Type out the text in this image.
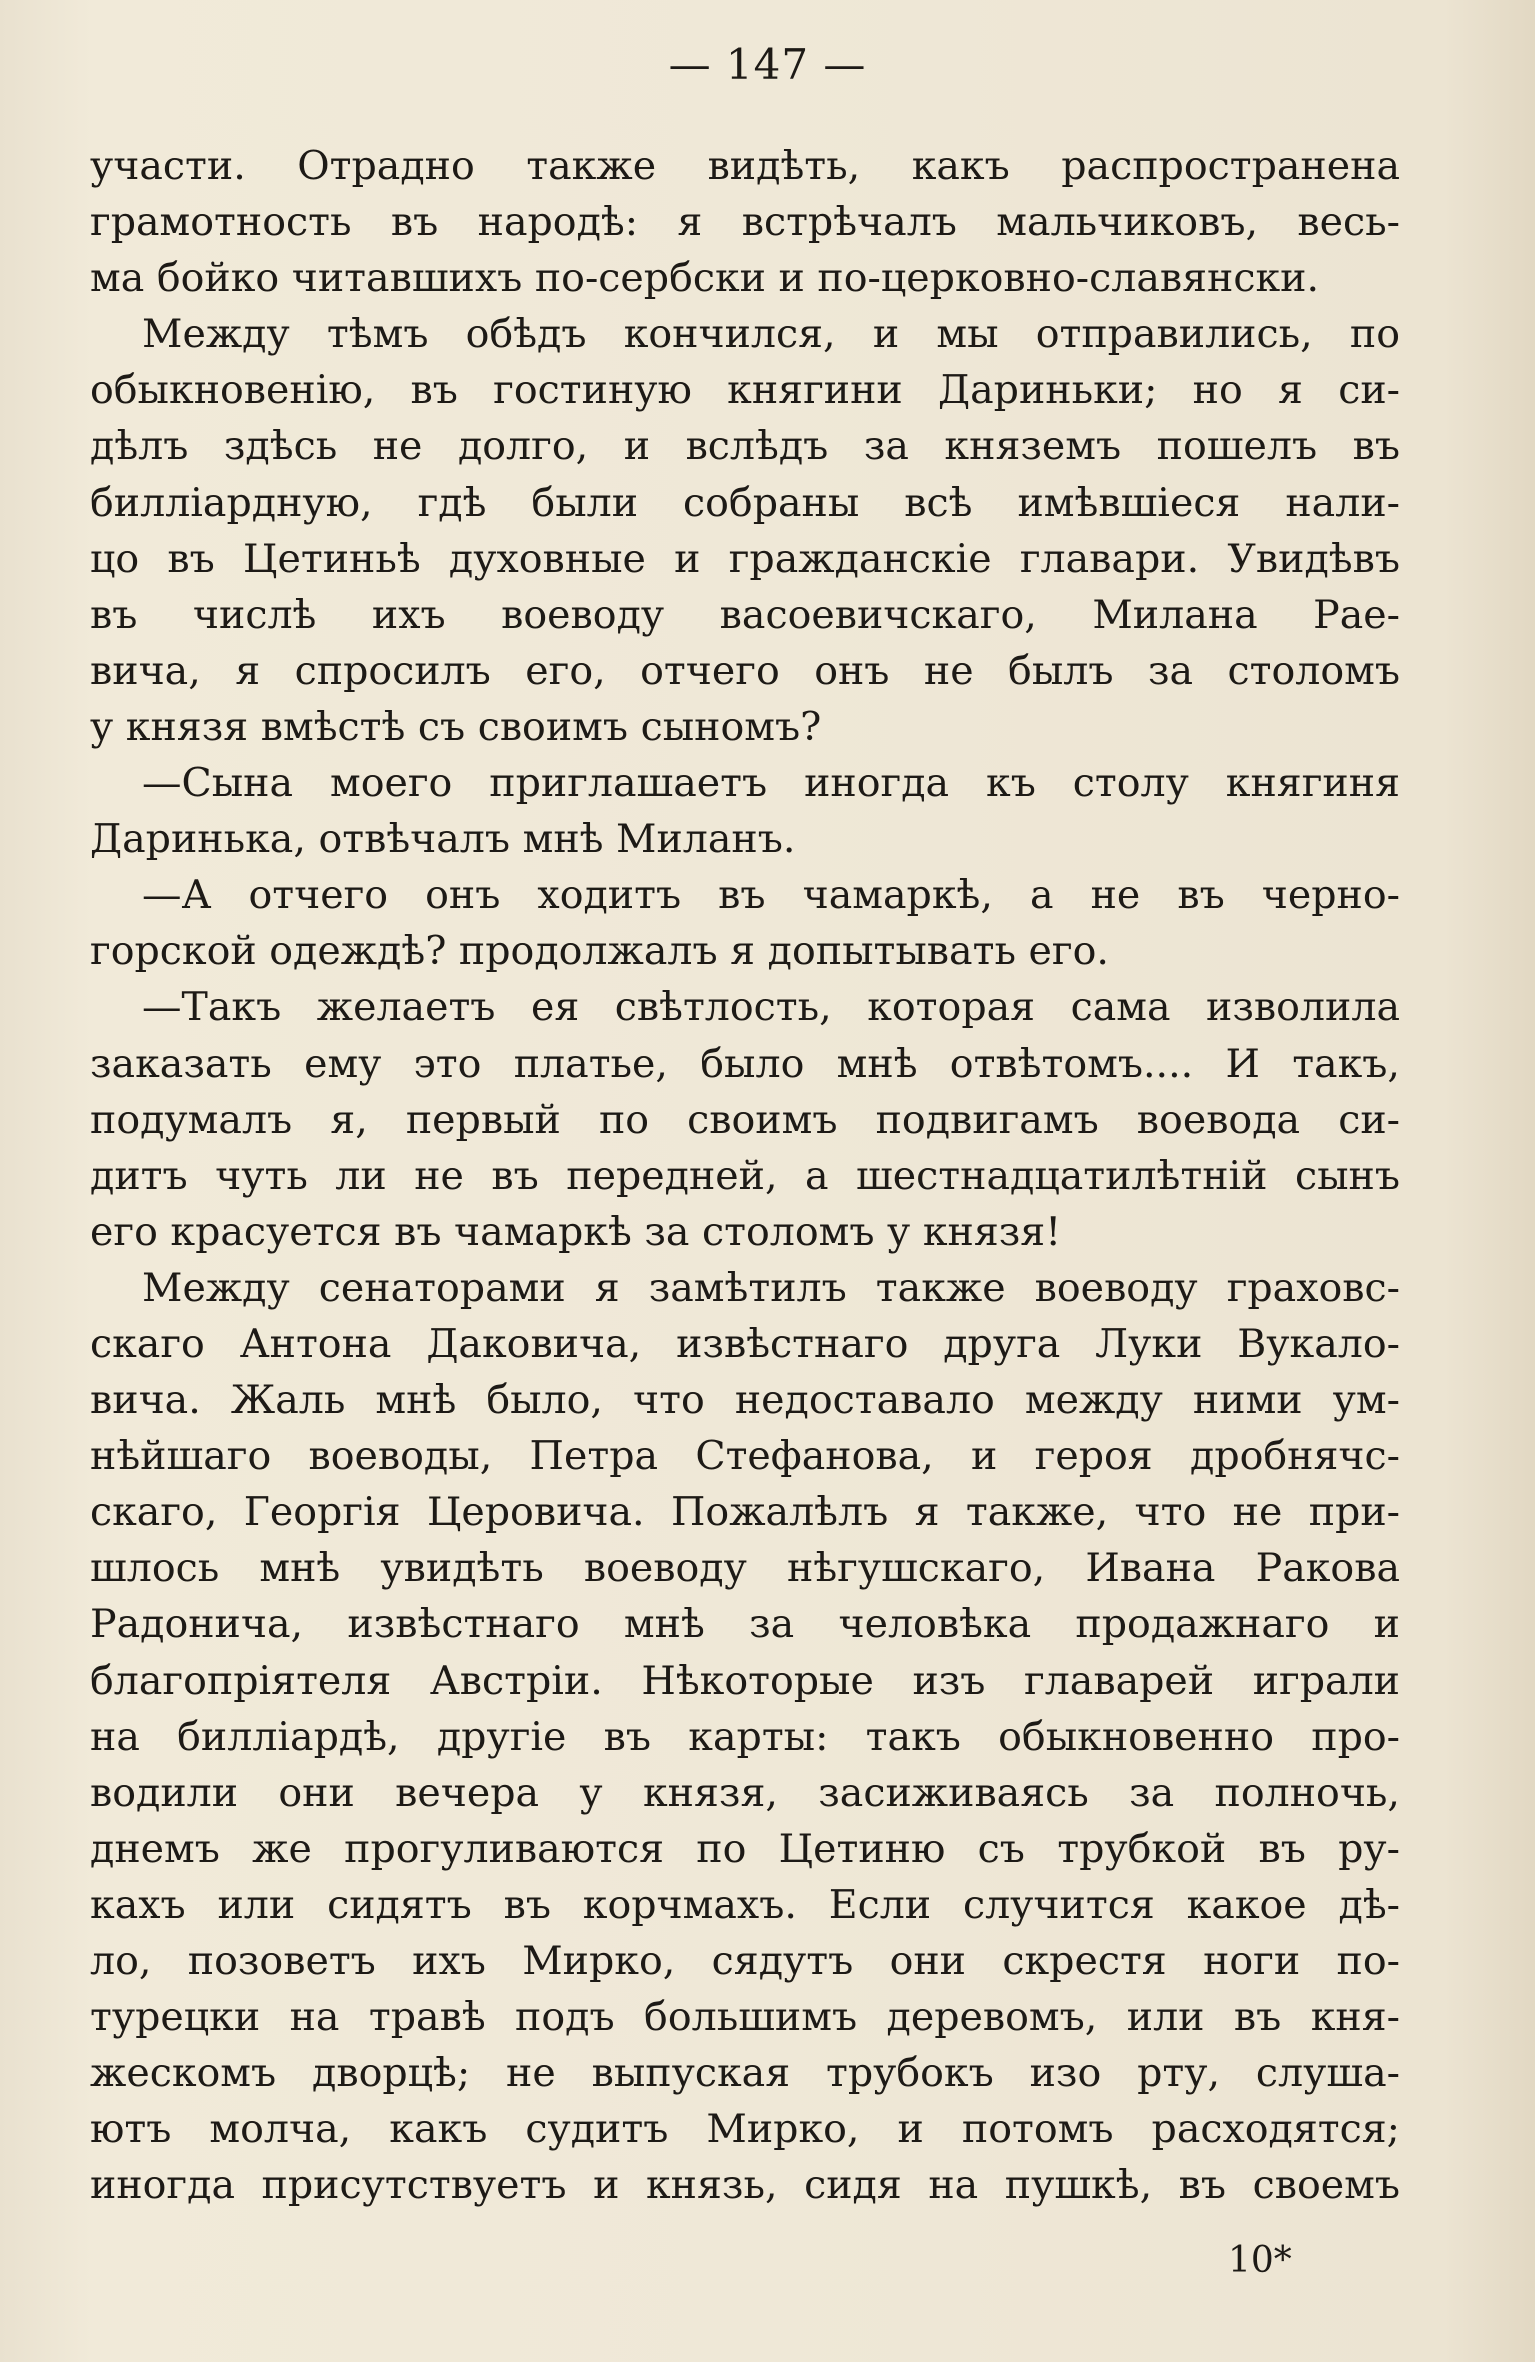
— 147 —
участи. Отрадно также видѣть, какъ распространена
грамотность въ народѣ: я встрѣчалъ мальчиковъ, весь-
ма бойко читавшихъ по-сербски и по-церковно-славянски.
Между тѣмъ обѣдъ кончился, и мы отправились, по
обыкновенію, въ гостиную княгини Дариньки; но я си-
дѣлъ здѣсь не долго, и вслѣдъ за княземъ пошелъ въ
билліардную, гдѣ были собраны всѣ имѣвшіеся нали-
цо въ Цетиньѣ духовные и гражданскіе главари. Увидѣвъ
въ числѣ ихъ воеводу васоевичскаго, Милана Рае-
вича, я спросилъ его, отчего онъ не былъ за столомъ
у князя вмѣстѣ съ своимъ сыномъ?
—Сына моего приглашаетъ иногда къ столу княгиня
Даринька, отвѣчалъ мнѣ Миланъ.
—А отчего онъ ходитъ въ чамаркѣ, а не въ черно-
горской одеждѣ? продолжалъ я допытывать его.
—Такъ желаетъ ея свѣтлость, которая сама изволила
заказать ему это платье, было мнѣ отвѣтомъ.... И такъ,
подумалъ я, первый по своимъ подвигамъ воевода си-
дитъ чуть ли не въ передней, а шестнадцатилѣтній сынъ
его красуется въ чамаркѣ за столомъ у князя!
Между сенаторами я замѣтилъ также воеводу граховс-
скаго Антона Даковича, извѣстнаго друга Луки Вукало-
вича. Жаль мнѣ было, что недоставало между ними ум-
нѣйшаго воеводы, Петра Стефанова, и героя дробнячс-
скаго, Георгія Церовича. Пожалѣлъ я также, что не при-
шлось мнѣ увидѣть воеводу нѣгушскаго, Ивана Ракова
Радонича, извѣстнаго мнѣ за человѣка продажнаго и
благопріятеля Австріи. Нѣкоторые изъ главарей играли
на билліардѣ, другіе въ карты: такъ обыкновенно про-
водили они вечера у князя, засиживаясь за полночь,
днемъ же прогуливаются по Цетиню съ трубкой въ ру-
кахъ или сидятъ въ корчмахъ. Если случится какое дѣ-
ло, позоветъ ихъ Мирко, сядутъ они скрестя ноги по-
турецки на травѣ подъ большимъ деревомъ, или въ кня-
жескомъ дворцѣ; не выпуская трубокъ изо рту, слуша-
ютъ молча, какъ судитъ Мирко, и потомъ расходятся;
иногда присутствуетъ и князь, сидя на пушкѣ, въ своемъ
10*
